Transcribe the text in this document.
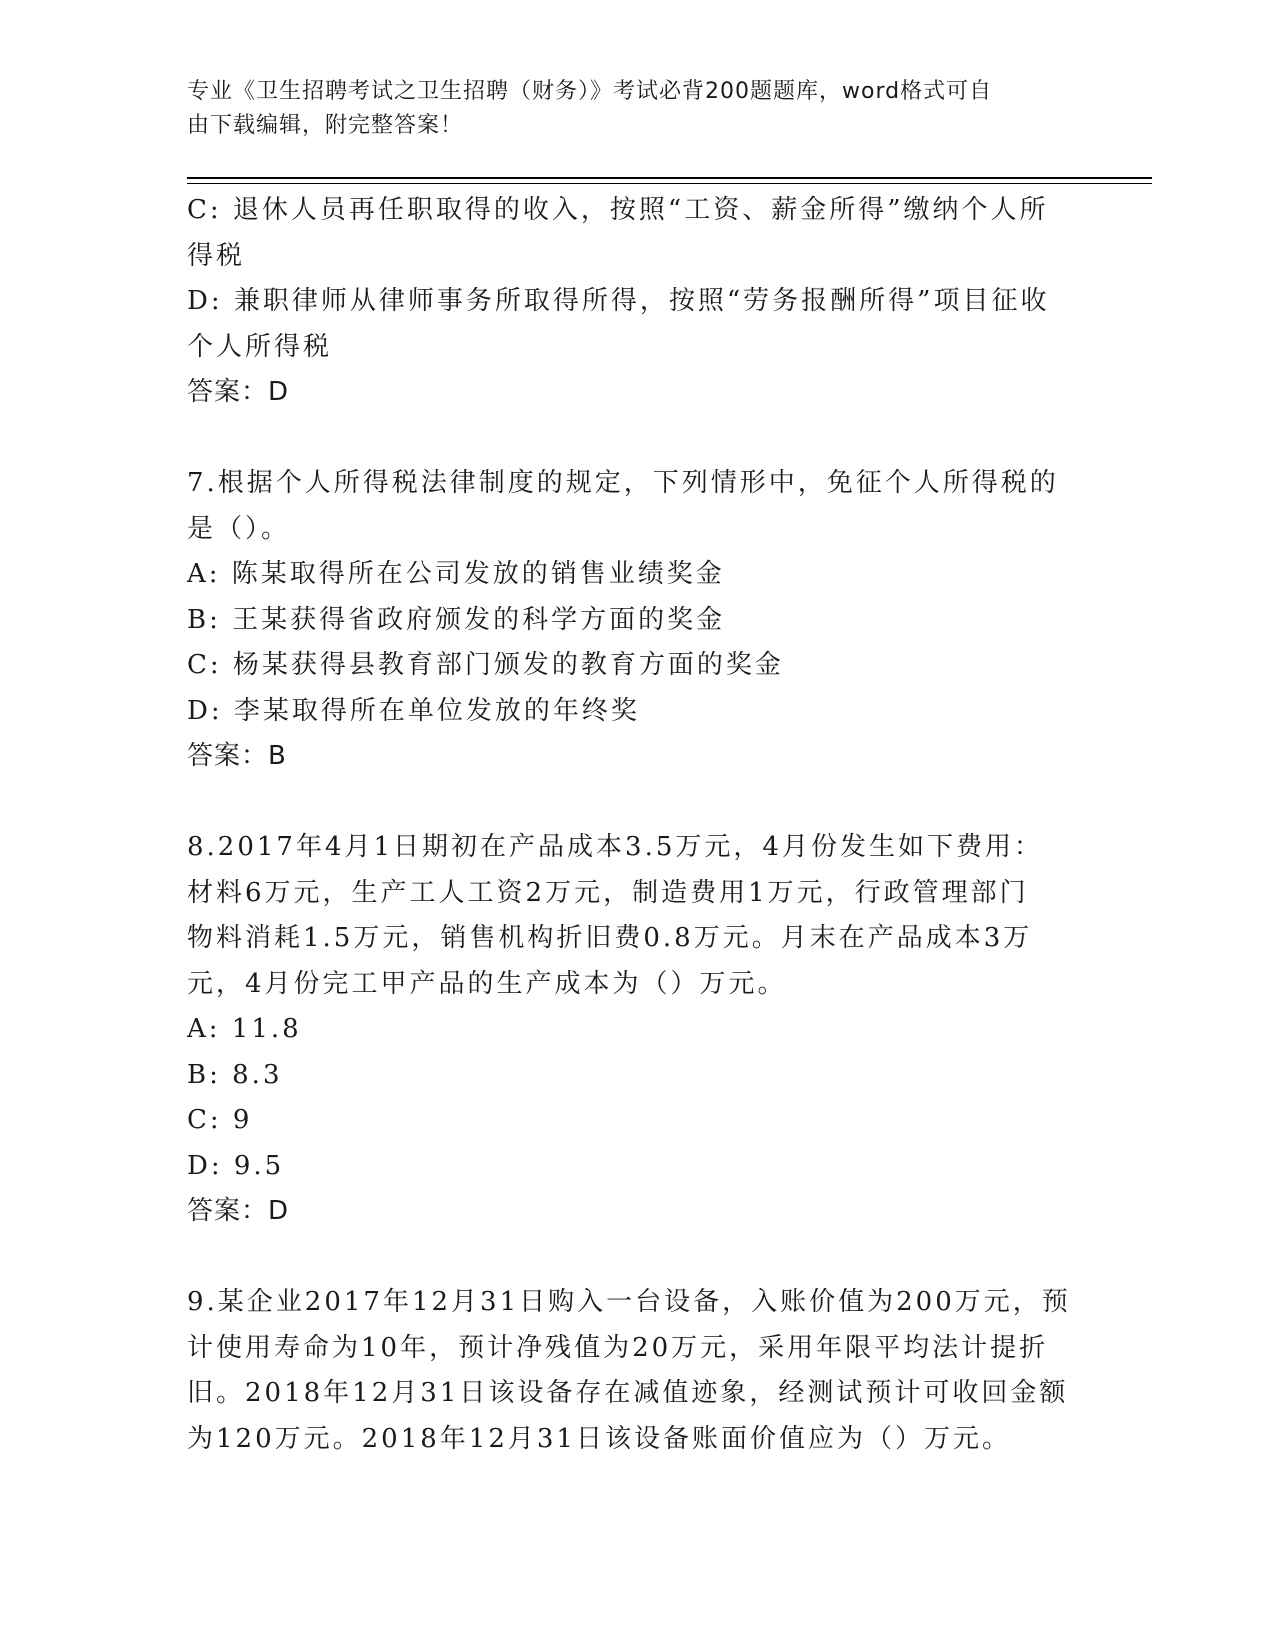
专业《卫生招聘考试之卫生招聘（财务）》考试必背200题题库，word格式可自
由下载编辑，附完整答案！
C: 退休人员再任职取得的收入，按照“工资、薪金所得”缴纳个人所
得税
D: 兼职律师从律师事务所取得所得，按照“劳务报酬所得”项目征收
个人所得税
答案：D
7.根据个人所得税法律制度的规定，下列情形中，免征个人所得税的
是（）。
A: 陈某取得所在公司发放的销售业绩奖金
B: 王某获得省政府颁发的科学方面的奖金
C: 杨某获得县教育部门颁发的教育方面的奖金
D: 李某取得所在单位发放的年终奖
答案：B
8.2017年4月1日期初在产品成本3.5万元，4月份发生如下费用：
材料6万元，生产工人工资2万元，制造费用1万元，行政管理部门
物料消耗1.5万元，销售机构折旧费0.8万元。月末在产品成本3万
元，4月份完工甲产品的生产成本为（）万元。
A: 11.8
B: 8.3
C: 9
D: 9.5
答案：D
9.某企业2017年12月31日购入一台设备，入账价值为200万元，预
计使用寿命为10年，预计净残值为20万元，采用年限平均法计提折
旧。2018年12月31日该设备存在减值迹象，经测试预计可收回金额
为120万元。2018年12月31日该设备账面价值应为（）万元。
